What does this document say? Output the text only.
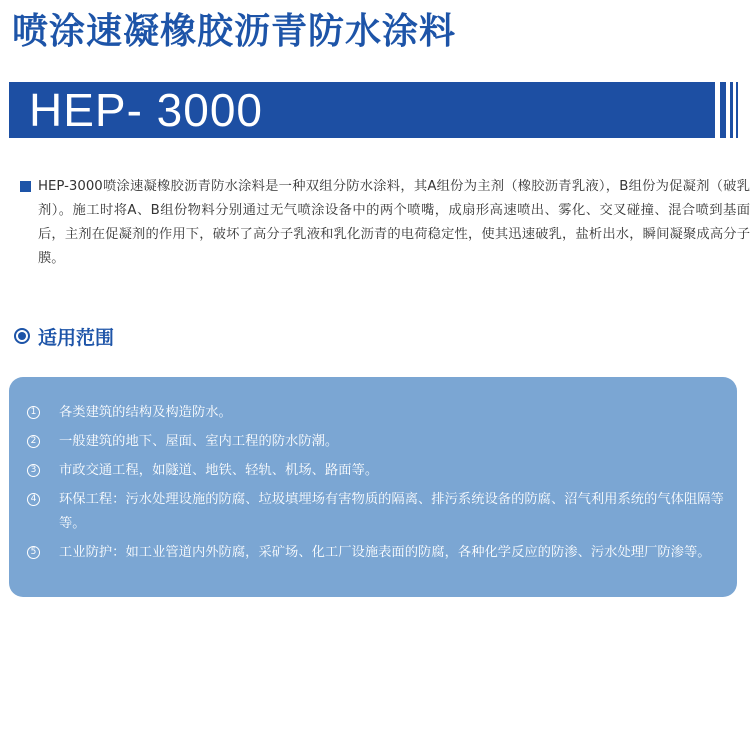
喷涂速凝橡胶沥青防水涂料
HEP- 3000
HEP-3000喷涂速凝橡胶沥青防水涂料是一种双组分防水涂料，其A组份为主剂（橡胶沥青乳液），B组份为促凝剂（破乳剂）。施工时将A、B组份物料分别通过无气喷涂设备中的两个喷嘴，成扇形高速喷出、雾化、交叉碰撞、混合喷到基面后，主剂在促凝剂的作用下，破坏了高分子乳液和乳化沥青的电荷稳定性，使其迅速破乳，盐析出水，瞬间凝聚成高分子膜。
适用范围
1 各类建筑的结构及构造防水。
2 一般建筑的地下、屋面、室内工程的防水防潮。
3 市政交通工程，如隧道、地铁、轻轨、机场、路面等。
4 环保工程：污水处理设施的防腐、垃圾填埋场有害物质的隔离、排污系统设备的防腐、沼气利用系统的气体阻隔等等。
5 工业防护：如工业管道内外防腐，采矿场、化工厂设施表面的防腐，各种化学反应的防渗、污水处理厂防渗等。
